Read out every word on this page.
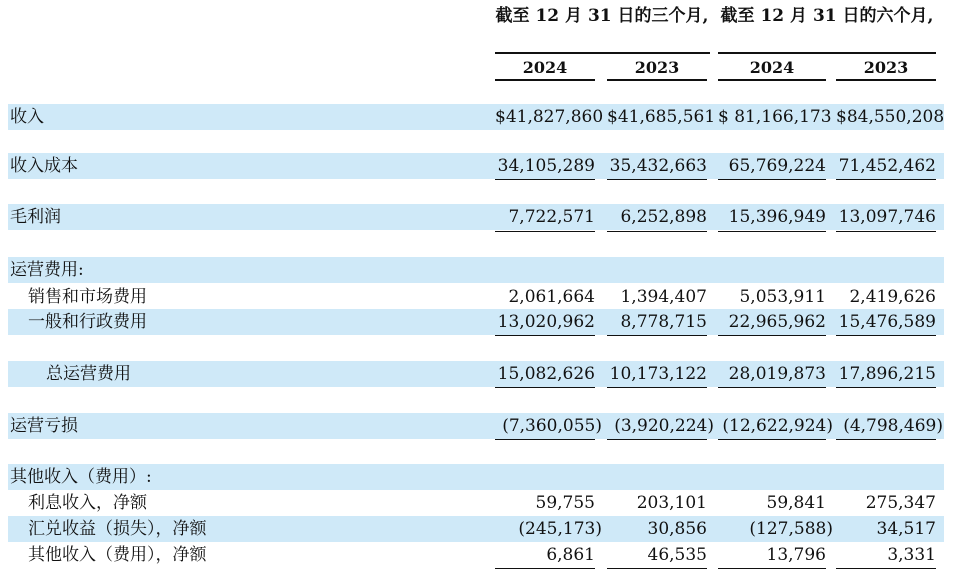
截至 12 月 31 日的三个月, 截至 12 月 31 日的六个月,
2024	2023	2024	2023
收入	$41,827,860 $41,685,561 $ 81,166,173 $84,550,208
收入成本	34,105,289 35,432,663	65,769,224 71,452,462
毛利润	7,722,571	6,252,898	15,396,949 13,097,746
运营费用:
销售和市场费用	2,061,664	1,394,407	5,053,911	2,419,626
一般和行政费用	13,020,962	8,778,715	22,965,962 15,476,589
总运营费用	15,082,626 10,173,122	28,019,873 17,896,215
运营亏损	(7,360,055) (3,920,224) (12,622,924) (4,798,469)
其他收入（费用）:
利息收入，净额	59,755	203,101	59,841	275,347
汇兑收益（损失），净额	(245,173)	30,856	(127,588)	34,517
其他收入（费用），净额	6,861	46,535	13,796	3,331
